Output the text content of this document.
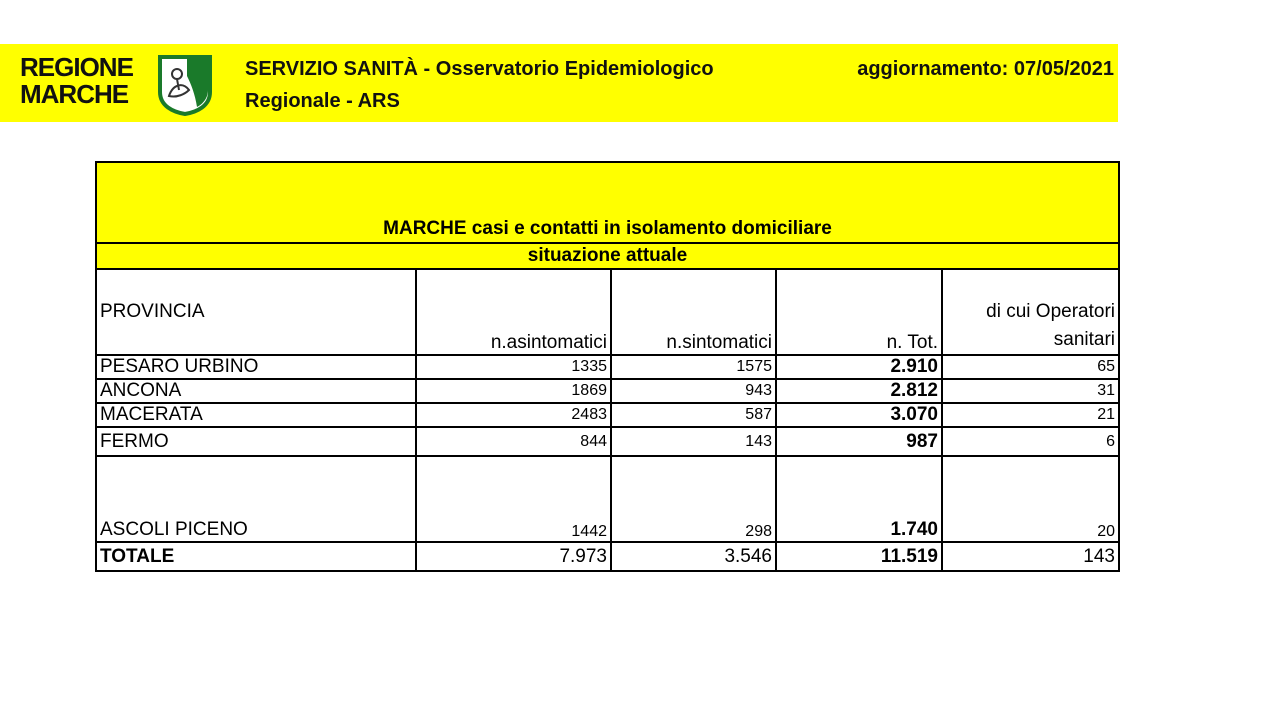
REGIONE
MARCHE
SERVIZIO SANITÀ - Osservatorio Epidemiologico
Regionale - ARS
aggiornamento: 07/05/2021
MARCHE casi e contatti in isolamento domiciliare				
situazione attuale				
PROVINCIA	n.asintomatici	n.sintomatici	n. Tot.	di cui Operatori
sanitari

PESARO URBINO	1335	1575	2.910	65
ANCONA	1869	943	2.812	31
MACERATA	2483	587	3.070	21
FERMO	844	143	987	6
ASCOLI PICENO	1442	298	1.740	20
TOTALE	7.973	3.546	11.519	143
